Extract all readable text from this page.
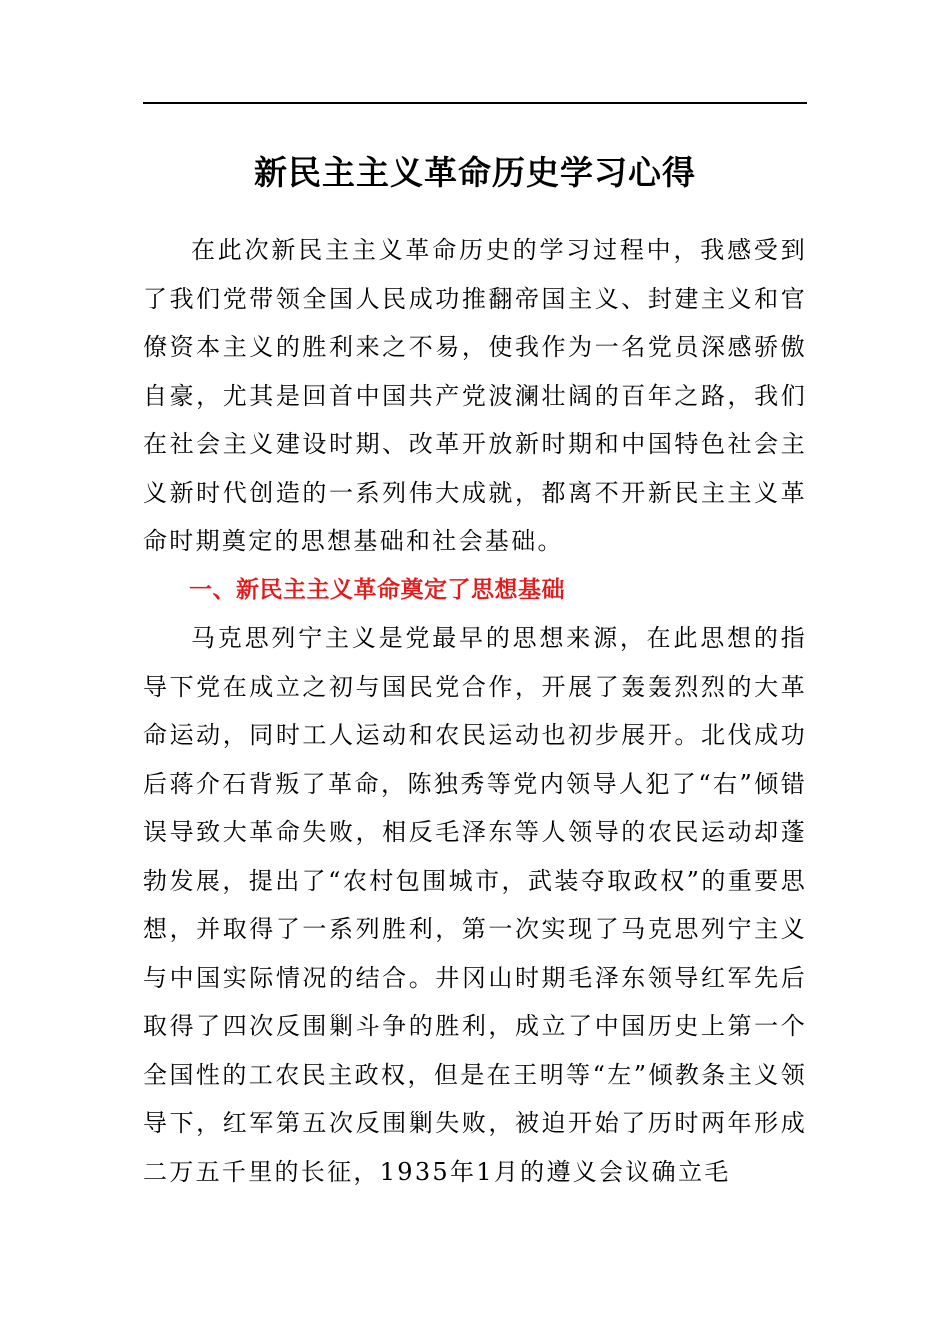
新民主主义革命历史学习心得

在此次新民主主义革命历史的学习过程中，我感受到了我们党带领全国人民成功推翻帝国主义、封建主义和官僚资本主义的胜利来之不易，使我作为一名党员深感骄傲自豪，尤其是回首中国共产党波澜壮阔的百年之路，我们在社会主义建设时期、改革开放新时期和中国特色社会主义新时代创造的一系列伟大成就，都离不开新民主主义革命时期奠定的思想基础和社会基础。

一、新民主主义革命奠定了思想基础

马克思列宁主义是党最早的思想来源，在此思想的指导下党在成立之初与国民党合作，开展了轰轰烈烈的大革命运动，同时工人运动和农民运动也初步展开。北伐成功后蒋介石背叛了革命，陈独秀等党内领导人犯了“右”倾错误导致大革命失败，相反毛泽东等人领导的农民运动却蓬勃发展，提出了“农村包围城市，武装夺取政权”的重要思想，并取得了一系列胜利，第一次实现了马克思列宁主义与中国实际情况的结合。井冈山时期毛泽东领导红军先后取得了四次反围剿斗争的胜利，成立了中国历史上第一个全国性的工农民主政权，但是在王明等“左”倾教条主义领导下，红军第五次反围剿失败，被迫开始了历时两年形成二万五千里的长征，1935年1月的遵义会议确立毛
